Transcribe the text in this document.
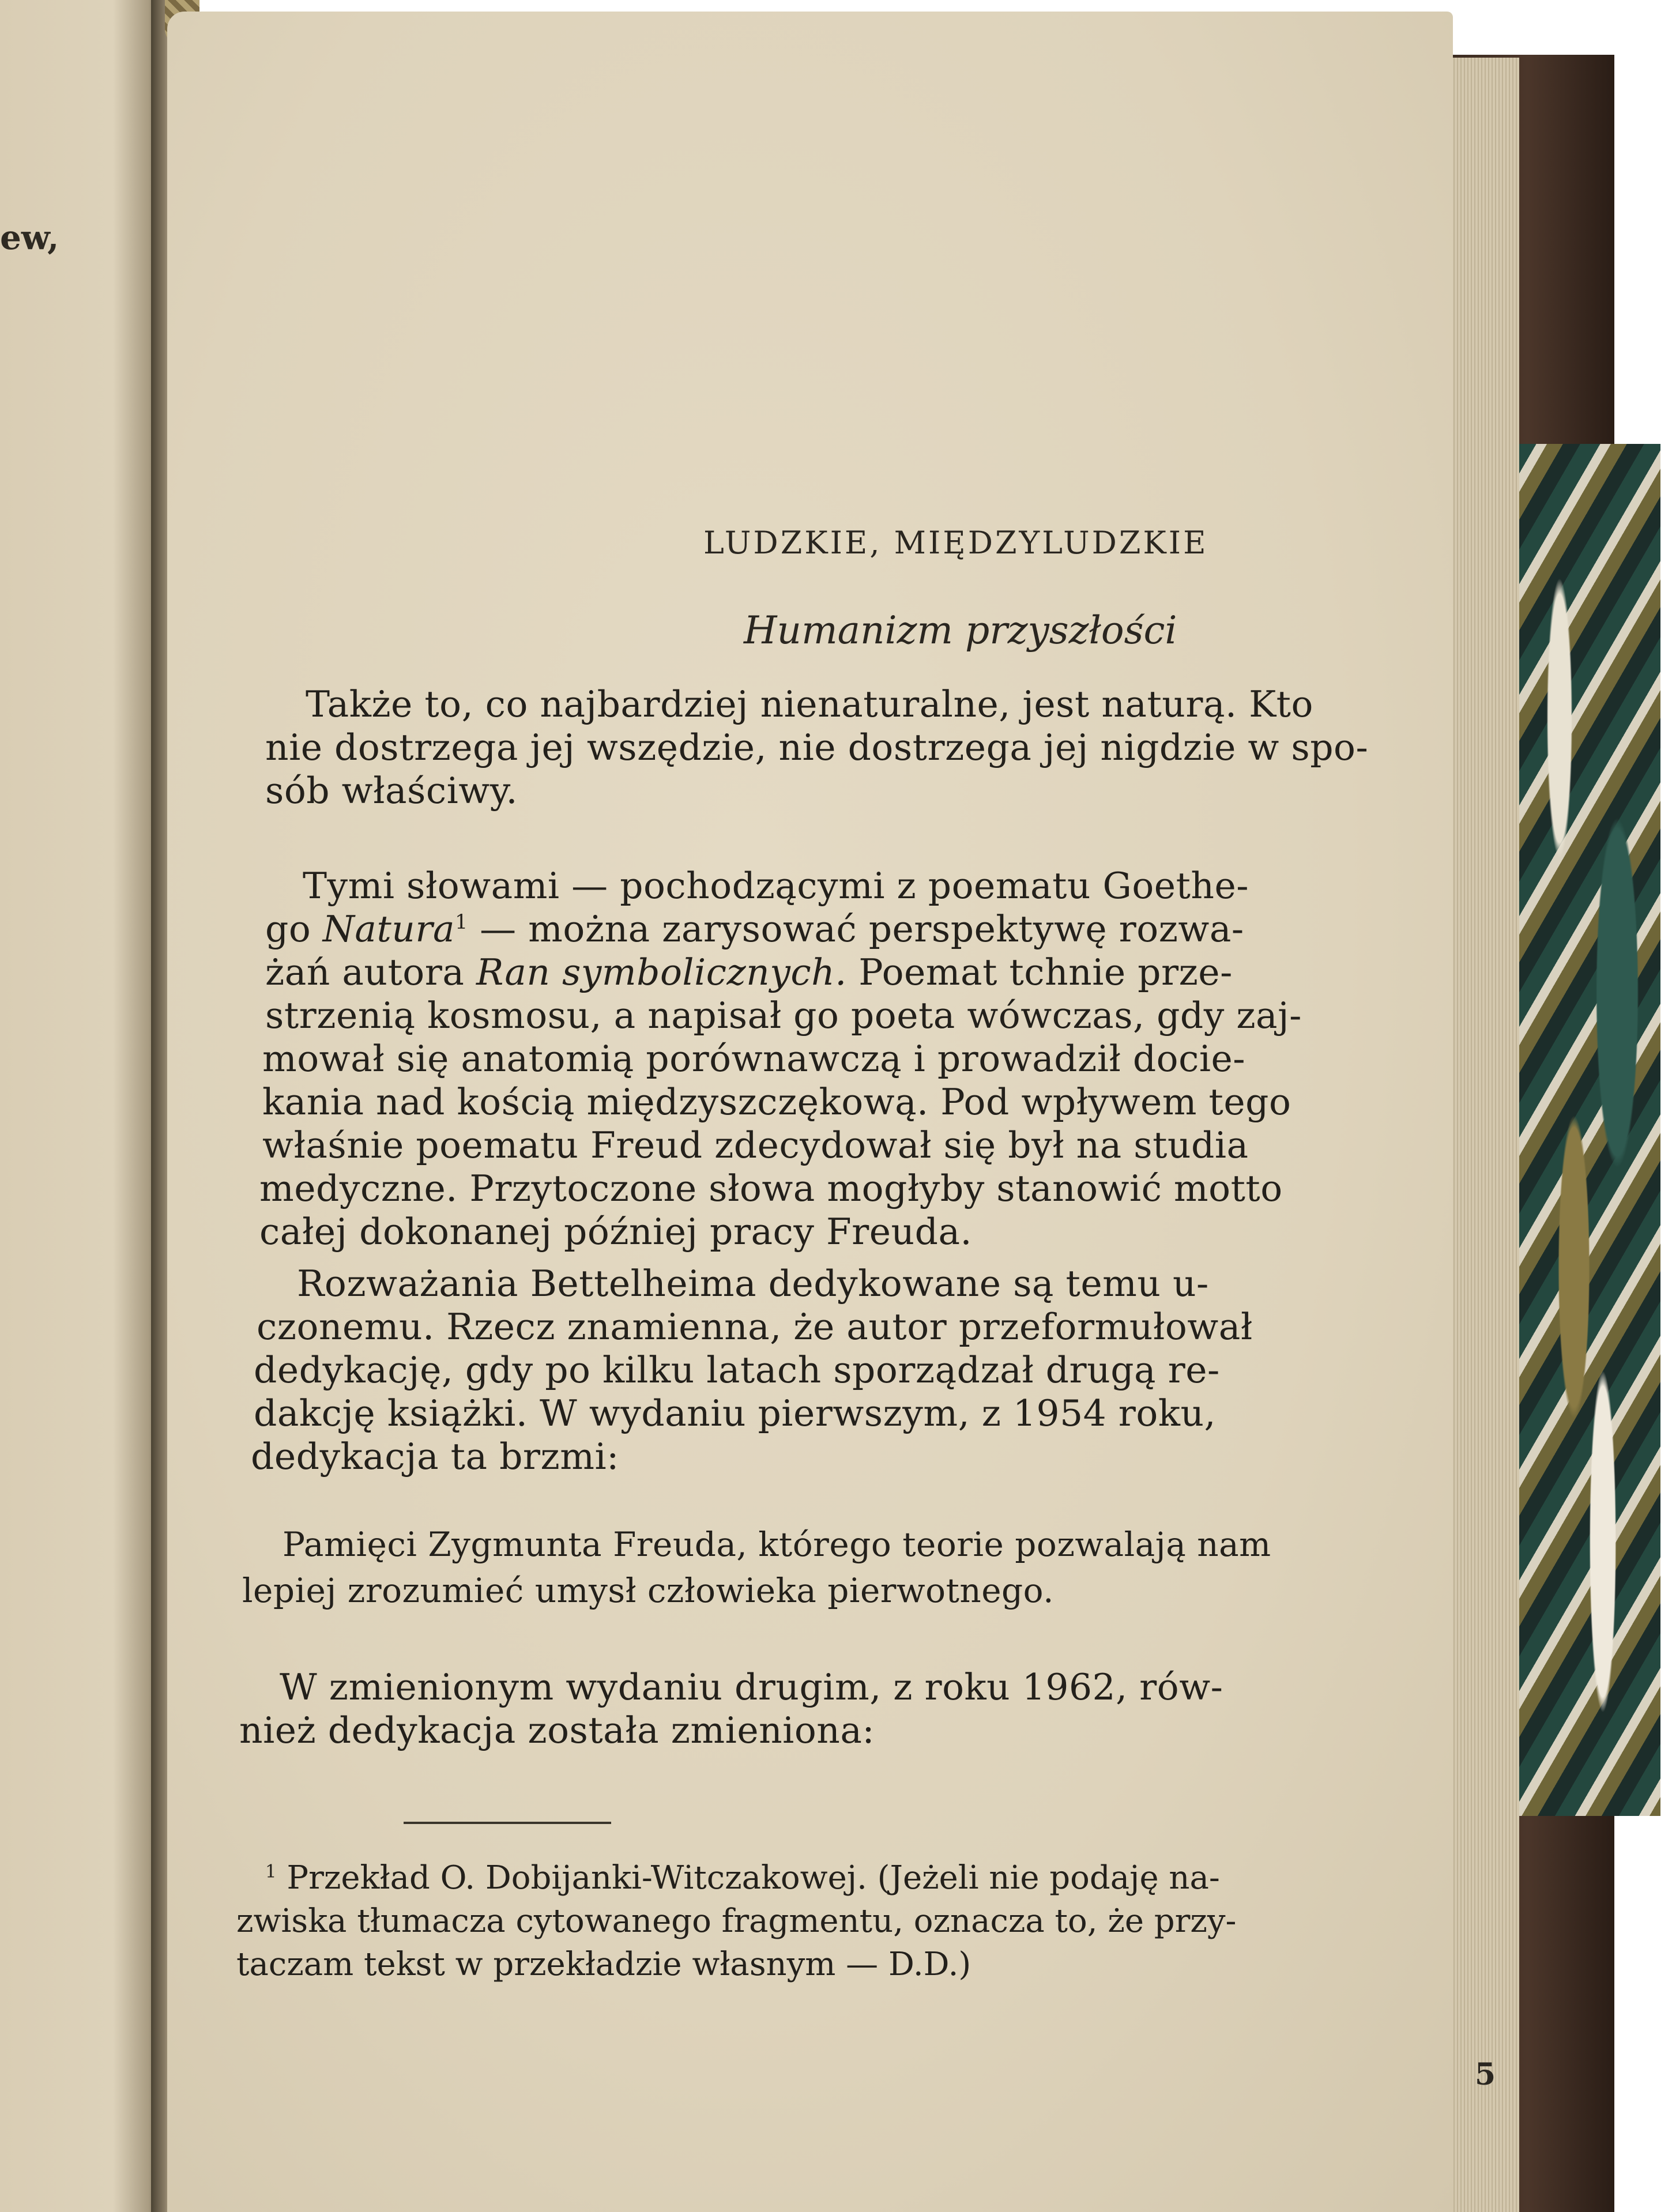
ew,
LUDZKIE, MIĘDZYLUDZKIE
Humanizm przyszłości
Także to, co najbardziej nienaturalne, jest naturą. Kto
nie dostrzega jej wszędzie, nie dostrzega jej nigdzie w spo-
sób właściwy.
Tymi słowami — pochodzącymi z poematu Goethe-
go Natura$^1$ — można zarysować perspektywę rozwa-
żań autora Ran symbolicznych. Poemat tchnie prze-
strzenią kosmosu, a napisał go poeta wówczas, gdy zaj-
mował się anatomią porównawczą i prowadził docie-
kania nad kością międzyszczękową. Pod wpływem tego
właśnie poematu Freud zdecydował się był na studia
medyczne. Przytoczone słowa mogłyby stanowić motto
całej dokonanej później pracy Freuda.
Rozważania Bettelheima dedykowane są temu u-
czonemu. Rzecz znamienna, że autor przeformułował
dedykację, gdy po kilku latach sporządzał drugą re-
dakcję książki. W wydaniu pierwszym, z 1954 roku,
dedykacja ta brzmi:
Pamięci Zygmunta Freuda, którego teorie pozwalają nam
lepiej zrozumieć umysł człowieka pierwotnego.
W zmienionym wydaniu drugim, z roku 1962, rów-
nież dedykacja została zmieniona:
$^1$ Przekład O. Dobijanki-Witczakowej. (Jeżeli nie podaję na-
zwiska tłumacza cytowanego fragmentu, oznacza to, że przy-
taczam tekst w przekładzie własnym — D.D.)
5
